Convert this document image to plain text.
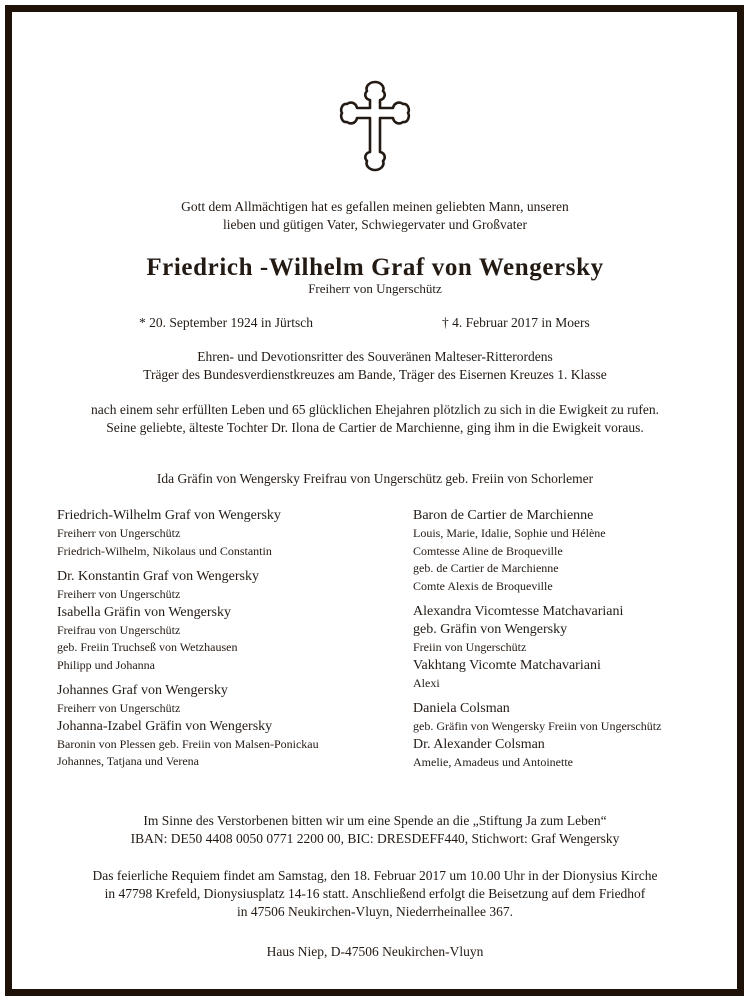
Gott dem Allmächtigen hat es gefallen meinen geliebten Mann, unseren
lieben und gütigen Vater, Schwiegervater und Großvater
Friedrich -Wilhelm Graf von Wengersky
Freiherr von Ungerschütz
* 20. September 1924 in Jürtsch	† 4. Februar 2017 in Moers
Ehren- und Devotionsritter des Souveränen Malteser-Ritterordens
Träger des Bundesverdienstkreuzes am Bande, Träger des Eisernen Kreuzes 1. Klasse
nach einem sehr erfüllten Leben und 65 glücklichen Ehejahren plötzlich zu sich in die Ewigkeit zu rufen.
Seine geliebte, älteste Tochter Dr. Ilona de Cartier de Marchienne, ging ihm in die Ewigkeit voraus.
Ida Gräfin von Wengersky Freifrau von Ungerschütz geb. Freiin von Schorlemer
Friedrich-Wilhelm Graf von Wengersky
Freiherr von Ungerschütz
Friedrich-Wilhelm, Nikolaus und Constantin
Dr. Konstantin Graf von Wengersky
Freiherr von Ungerschütz
Isabella Gräfin von Wengersky
Freifrau von Ungerschütz
geb. Freiin Truchseß von Wetzhausen
Philipp und Johanna
Johannes Graf von Wengersky
Freiherr von Ungerschütz
Johanna-Izabel Gräfin von Wengersky
Baronin von Plessen geb. Freiin von Malsen-Ponickau
Johannes, Tatjana und Verena
Baron de Cartier de Marchienne
Louis, Marie, Idalie, Sophie und Hélène
Comtesse Aline de Broqueville
geb. de Cartier de Marchienne
Comte Alexis de Broqueville
Alexandra Vicomtesse Matchavariani
geb. Gräfin von Wengersky
Freiin von Ungerschütz
Vakhtang Vicomte Matchavariani
Alexi
Daniela Colsman
geb. Gräfin von Wengersky Freiin von Ungerschütz
Dr. Alexander Colsman
Amelie, Amadeus und Antoinette
Im Sinne des Verstorbenen bitten wir um eine Spende an die „Stiftung Ja zum Leben“
IBAN: DE50 4408 0050 0771 2200 00, BIC: DRESDEFF440, Stichwort: Graf Wengersky
Das feierliche Requiem findet am Samstag, den 18. Februar 2017 um 10.00 Uhr in der Dionysius Kirche
in 47798 Krefeld, Dionysiusplatz 14-16 statt. Anschließend erfolgt die Beisetzung auf dem Friedhof
in 47506 Neukirchen-Vluyn, Niederrheinallee 367.
Haus Niep, D-47506 Neukirchen-Vluyn
